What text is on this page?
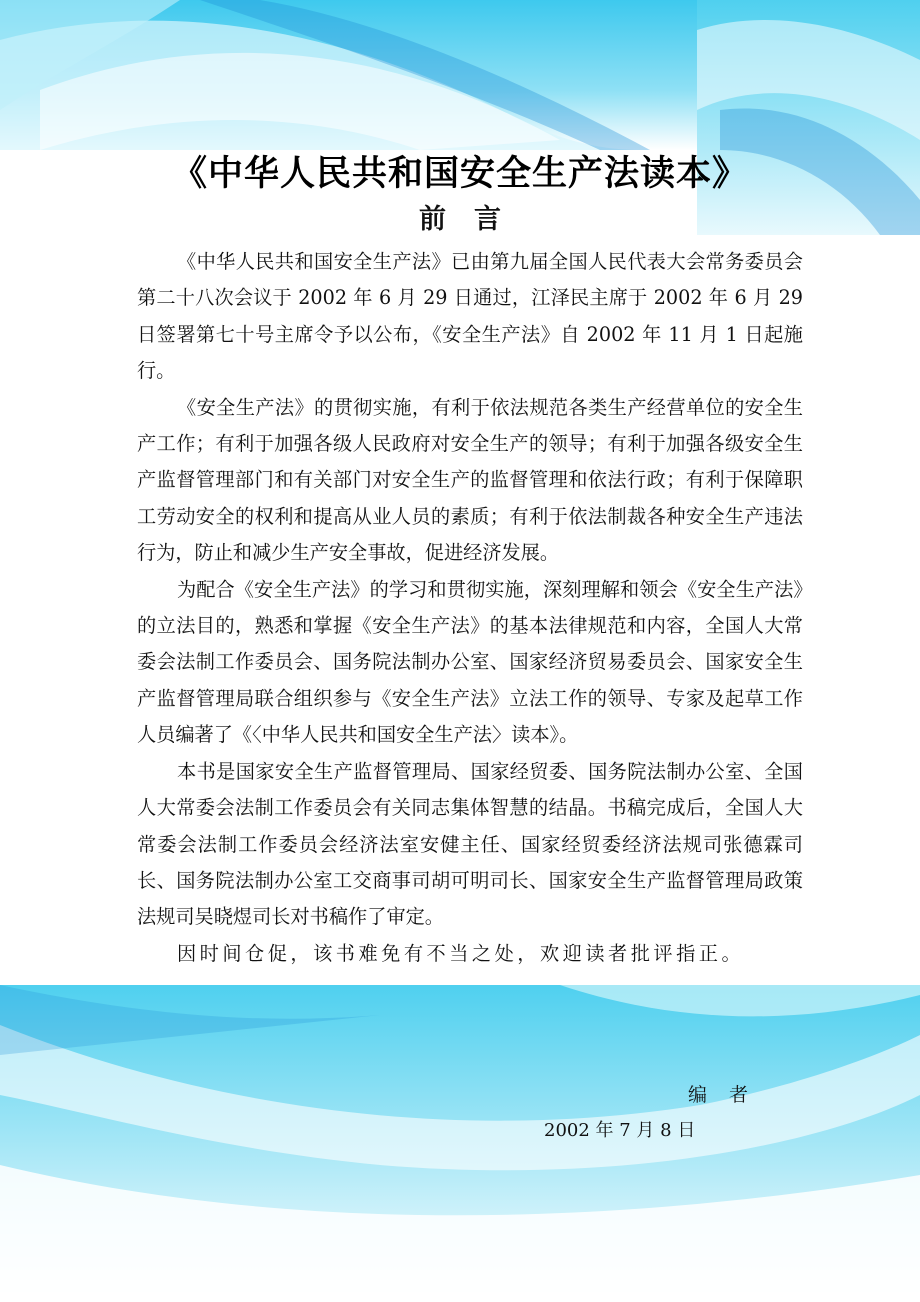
《中华人民共和国安全生产法读本》
前言

《中华人民共和国安全生产法》已由第九届全国人民代表大会常务委员会第二十八次会议于 2002 年 6 月 29 日通过，江泽民主席于 2002 年 6 月 29 日签署第七十号主席令予以公布，《安全生产法》自 2002 年 11 月 1 日起施行。

《安全生产法》的贯彻实施，有利于依法规范各类生产经营单位的安全生产工作；有利于加强各级人民政府对安全生产的领导；有利于加强各级安全生产监督管理部门和有关部门对安全生产的监督管理和依法行政；有利于保障职工劳动安全的权利和提高从业人员的素质；有利于依法制裁各种安全生产违法行为，防止和减少生产安全事故，促进经济发展。

为配合《安全生产法》的学习和贯彻实施，深刻理解和领会《安全生产法》的立法目的，熟悉和掌握《安全生产法》的基本法律规范和内容，全国人大常委会法制工作委员会、国务院法制办公室、国家经济贸易委员会、国家安全生产监督管理局联合组织参与《安全生产法》立法工作的领导、专家及起草工作人员编著了《〈中华人民共和国安全生产法〉读本》。

本书是国家安全生产监督管理局、国家经贸委、国务院法制办公室、全国人大常委会法制工作委员会有关同志集体智慧的结晶。书稿完成后，全国人大常委会法制工作委员会经济法室安健主任、国家经贸委经济法规司张德霖司长、国务院法制办公室工交商事司胡可明司长、国家安全生产监督管理局政策法规司吴晓煜司长对书稿作了审定。

因时间仓促，该书难免有不当之处，欢迎读者批评指正。

编者
2002 年 7 月 8 日
